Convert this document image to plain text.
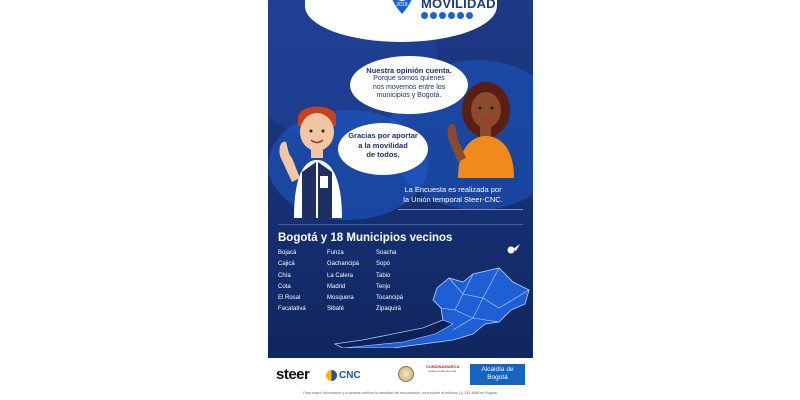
2019 MOVILIDAD
Nuestra opinión cuenta.
Porque somos quienes
nos movemos entre los
municipios y Bogotá.
Gracias por aportar
a la movilidad
de todos.
La Encuesta es realizada por
la Unión temporal Steer-CNC.
Bogotá y 18 Municipios vecinos
Bojacá
Cajicá
Chía
Cota
El Rosal
Facatativá
Funza
Gachancipá
La Calera
Madrid
Mosquera
Sibaté
Soacha
Sopó
Tabio
Tenjo
Tocancipá
Zipaquirá
steer	CNC
CUNDINAMARCA
unidos podemos más	Alcaldía de
Bogotá
Para mayor información y si deseas verificar la identidad del encuestador, comunícate al teléfono (1) 339 4888 en Bogotá.
